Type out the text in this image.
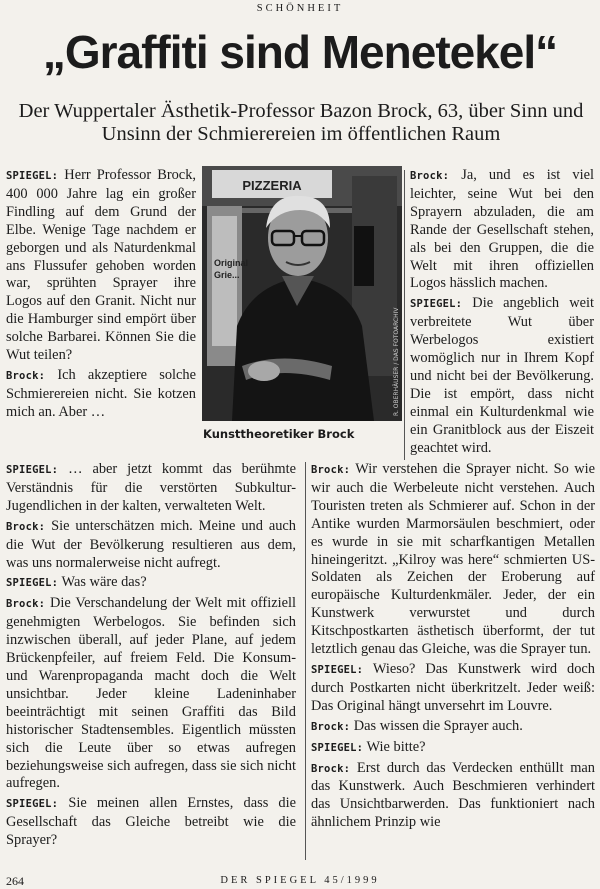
SCHÖNHEIT
„Graffiti sind Menetekel“
Der Wuppertaler Ästhetik-Professor Bazon Brock, 63, über Sinn und Unsinn der Schmierereien im öffentlichen Raum
PIZZERIA
Original
Grie...
R. OBERHÄUSER / DAS FOTOARCHIV
Kunsttheoretiker Brock

SPIEGEL: Herr Professor Brock, 400 000 Jahre lag ein großer Findling auf dem Grund der Elbe. Wenige Tage nachdem er geborgen und als Naturdenkmal ans Flussufer gehoben worden war, sprühten Sprayer ihre Logos auf den Granit. Nicht nur die Hamburger sind empört über solche Barbarei. Können Sie die Wut teilen?

Brock: Ich akzeptiere solche Schmierereien nicht. Sie kotzen mich an. Aber …

Brock: Ja, und es ist viel leichter, seine Wut bei den Sprayern abzuladen, die am Rande der Gesellschaft stehen, als bei den Gruppen, die die Welt mit ihren offiziellen Logos hässlich machen.

SPIEGEL: Die angeblich weit verbreitete Wut über Werbelogos existiert womöglich nur in Ihrem Kopf und nicht bei der Bevölkerung. Die ist empört, dass nicht einmal ein Kulturdenkmal wie ein Granitblock aus der Eiszeit geachtet wird.

SPIEGEL: … aber jetzt kommt das berühmte Verständnis für die verstörten Subkultur-Jugendlichen in der kalten, verwalteten Welt.

Brock: Sie unterschätzen mich. Meine und auch die Wut der Bevölkerung resultieren aus dem, was uns normalerweise nicht aufregt.

SPIEGEL: Was wäre das?

Brock: Die Verschandelung der Welt mit offiziell genehmigten Werbelogos. Sie befinden sich inzwischen überall, auf jeder Plane, auf jedem Brückenpfeiler, auf freiem Feld. Die Konsum- und Warenpropaganda macht doch die Welt unsichtbar. Jeder kleine Ladeninhaber beeinträchtigt mit seinen Graffiti das Bild historischer Stadtensembles. Eigentlich müssten sich die Leute über so etwas aufregen beziehungsweise sich aufregen, dass sie sich nicht aufregen.

SPIEGEL: Sie meinen allen Ernstes, dass die Gesellschaft das Gleiche betreibt wie die Sprayer?

Brock: Wir verstehen die Sprayer nicht. So wie wir auch die Werbeleute nicht verstehen. Auch Touristen treten als Schmierer auf. Schon in der Antike wurden Marmorsäulen beschmiert, oder es wurde in sie mit scharfkantigen Metallen hineingeritzt. „Kilroy was here“ schmierten US-Soldaten als Zeichen der Eroberung auf europäische Kulturdenkmäler. Jeder, der ein Kunstwerk verwurstet und durch Kitschpostkarten ästhetisch überformt, der tut letztlich genau das Gleiche, was die Sprayer tun.

SPIEGEL: Wieso? Das Kunstwerk wird doch durch Postkarten nicht überkritzelt. Jeder weiß: Das Original hängt unversehrt im Louvre.

Brock: Das wissen die Sprayer auch.

SPIEGEL: Wie bitte?

Brock: Erst durch das Verdecken enthüllt man das Kunstwerk. Auch Beschmieren verhindert das Unsichtbarwerden. Das funktioniert nach ähnlichem Prinzip wie

264	DER SPIEGEL 45/1999
